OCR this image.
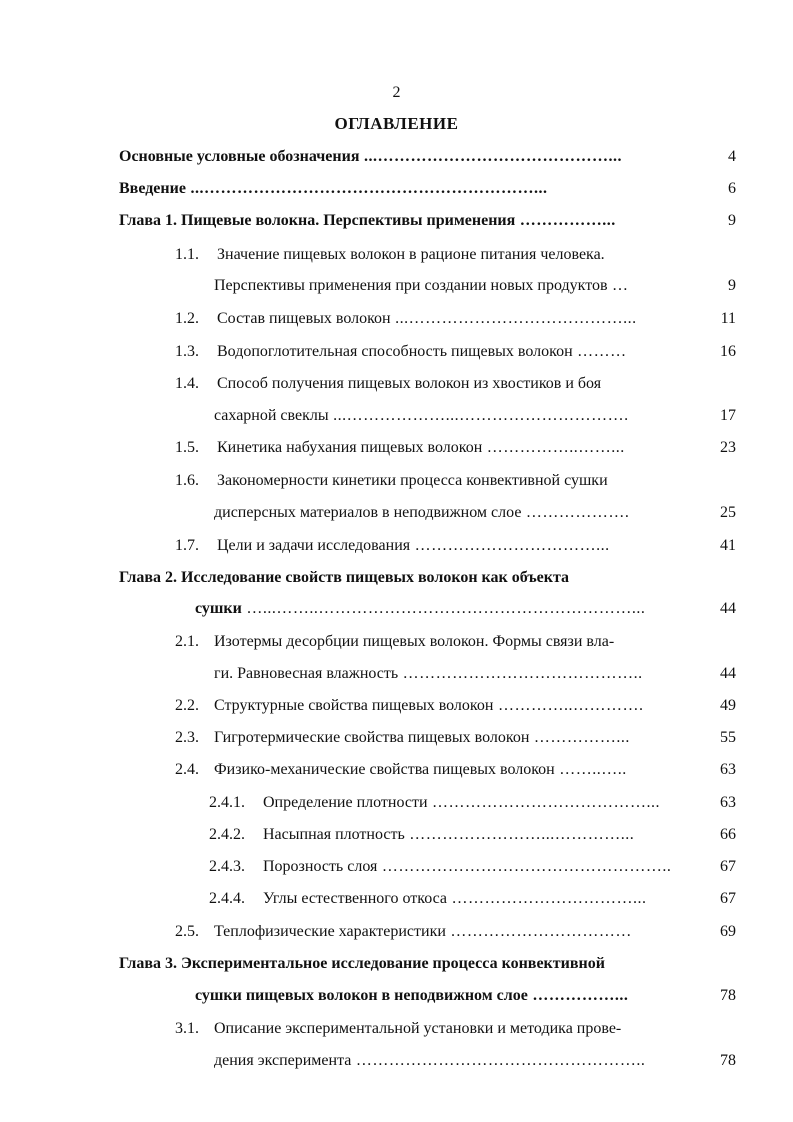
2
ОГЛАВЛЕНИЕ
Основные условные обозначения ...……………………………………...	4
Введение ...……………………………………………………...	6
Глава 1. Пищевые волокна. Перспективы применения ……………...	9
1.1. Значение пищевых волокон в рационе питания человека.
Перспективы применения при создании новых продуктов …	9
1.2. Состав пищевых волокон ...…………………………………...	11
1.3. Водопоглотительная способность пищевых волокон ………	16
1.4. Способ получения пищевых волокон из хвостиков и боя
сахарной свеклы ...………………...………………………….	17
1.5. Кинетика набухания пищевых волокон ……………..……...	23
1.6. Закономерности кинетики процесса конвективной сушки
дисперсных материалов в неподвижном слое ……………….	25
1.7. Цели и задачи исследования ……………………………...	41
Глава 2. Исследование свойств пищевых волокон как объекта
сушки …...……..…………………………………………………...	44
2.1. Изотермы десорбции пищевых волокон. Формы связи вла-
ги. Равновесная влажность ……………………………………..	44
2.2. Структурные свойства пищевых волокон …………..………….	49
2.3. Гигротермические свойства пищевых волокон ……………...	55
2.4. Физико-механические свойства пищевых волокон ……..…..	63
2.4.1. Определение плотности …………………………………...	63
2.4.2. Насыпная плотность ……………………...…………...	66
2.4.3. Порозность слоя ……………………………………………..	67
2.4.4. Углы естественного откоса ……………………………...	67
2.5. Теплофизические характеристики ……………………………	69
Глава 3. Экспериментальное исследование процесса конвективной
сушки пищевых волокон в неподвижном слое ……………...	78
3.1. Описание экспериментальной установки и методика прове-
дения эксперимента ……………………………………………..	78
